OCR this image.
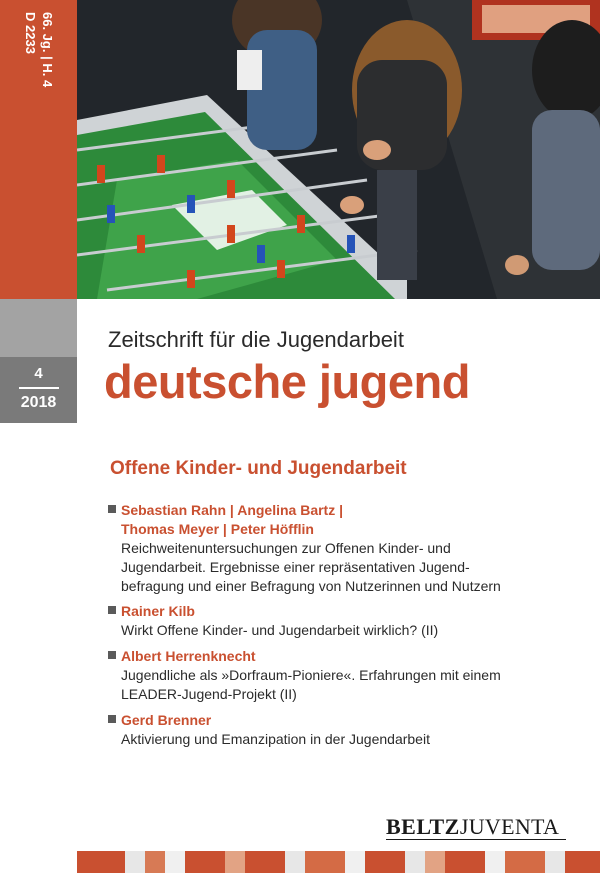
66. Jg. | H. 4
D 2233
4
2018
Zeitschrift für die Jugendarbeit
deutsche jugend
Offene Kinder- und Jugendarbeit
Sebastian Rahn | Angelina Bartz |
Thomas Meyer | Peter Höfflin
Reichweitenuntersuchungen zur Offenen Kinder- und
Jugendarbeit. Ergebnisse einer repräsentativen Jugend-
befragung und einer Befragung von Nutzerinnen und Nutzern
Rainer Kilb
Wirkt Offene Kinder- und Jugendarbeit wirklich? (II)
Albert Herrenknecht
Jugendliche als »Dorfraum-Pioniere«. Erfahrungen mit einem
LEADER-Jugend-Projekt (II)
Gerd Brenner
Aktivierung und Emanzipation in der Jugendarbeit
BELTZJUVENTA
